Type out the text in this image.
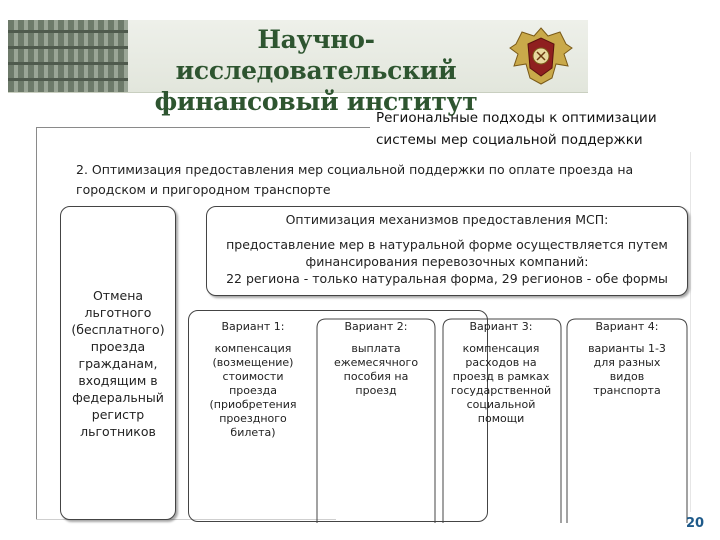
Научно-исследовательский
финансовый институт
Региональные подходы к оптимизации
системы мер социальной поддержки
2. Оптимизация предоставления мер социальной поддержки по оплате проезда на
городском и пригородном транспорте
Отмена
льготного
(бесплатного)
проезда
гражданам,
входящим в
федеральный
регистр
льготников
Оптимизация механизмов предоставления МСП:
предоставление мер в натуральной форме осуществляется путем
финансирования перевозочных компаний:
22 региона - только натуральная форма, 29 регионов - обе формы
Вариант 1:
компенсация
(возмещение)
стоимости
проезда
(приобретения
проездного
билета)
Вариант 2:
выплата
ежемесячного
пособия на
проезд
Вариант 3:
компенсация
расходов на
проезд в рамках
государственной
социальной
помощи
Вариант 4:
варианты 1-3
для разных
видов
транспорта
20
